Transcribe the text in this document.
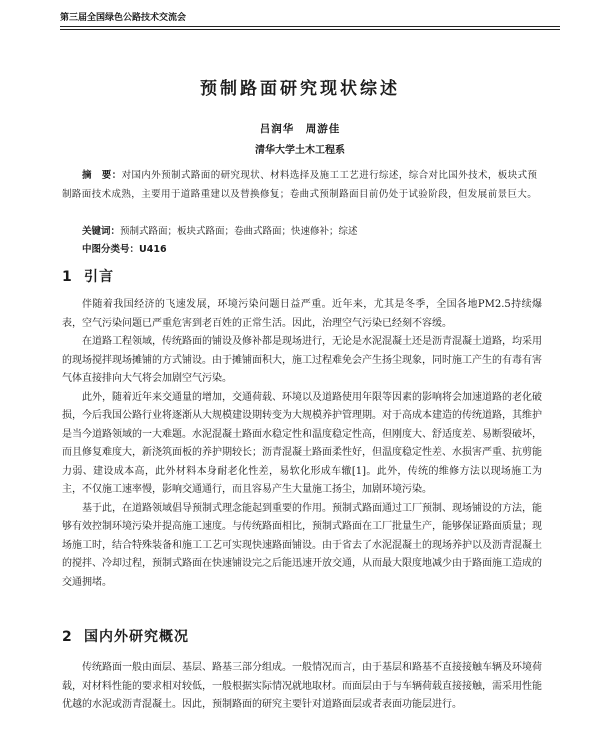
第三届全国绿色公路技术交流会
预制路面研究现状综述
吕润华　周游佳
清华大学土木工程系
摘　要：对国内外预制式路面的研究现状、材料选择及施工工艺进行综述，综合对比国外技术，板块式预制路面技术成熟，主要用于道路重建以及替换修复；卷曲式预制路面目前仍处于试验阶段，但发展前景巨大。
关键词：预制式路面；板块式路面；卷曲式路面；快速修补；综述
中图分类号：U416
1 引言

伴随着我国经济的飞速发展，环境污染问题日益严重。近年来，尤其是冬季，全国各地PM2.5持续爆表，空气污染问题已严重危害到老百姓的正常生活。因此，治理空气污染已经刻不容缓。

在道路工程领域，传统路面的铺设及修补都是现场进行，无论是水泥混凝土还是沥青混凝土道路，均采用的现场搅拌现场摊铺的方式铺设。由于摊铺面积大，施工过程难免会产生扬尘现象，同时施工产生的有毒有害气体直接排向大气将会加剧空气污染。

此外，随着近年来交通量的增加，交通荷载、环境以及道路使用年限等因素的影响将会加速道路的老化破损，今后我国公路行业将逐渐从大规模建设期转变为大规模养护管理期。对于高成本建造的传统道路，其维护是当今道路领域的一大难题。水泥混凝土路面水稳定性和温度稳定性高，但刚度大、舒适度差、易断裂破坏，而且修复难度大，新浇筑面板的养护期较长；沥青混凝土路面柔性好，但温度稳定性差、水损害严重、抗剪能力弱、建设成本高，此外材料本身耐老化性差，易软化形成车辙[1]。此外，传统的维修方法以现场施工为主，不仅施工速率慢，影响交通通行，而且容易产生大量施工扬尘，加剧环境污染。

基于此，在道路领域倡导预制式理念能起到重要的作用。预制式路面通过工厂预制、现场铺设的方法，能够有效控制环境污染并提高施工速度。与传统路面相比，预制式路面在工厂批量生产，能够保证路面质量；现场施工时，结合特殊装备和施工工艺可实现快速路面铺设。由于省去了水泥混凝土的现场养护以及沥青混凝土的搅拌、冷却过程，预制式路面在快速铺设完之后能迅速开放交通，从而最大限度地减少由于路面施工造成的交通拥堵。

2 国内外研究概况

传统路面一般由面层、基层、路基三部分组成。一般情况而言，由于基层和路基不直接接触车辆及环境荷载，对材料性能的要求相对较低，一般根据实际情况就地取材。而面层由于与车辆荷载直接接触，需采用性能优越的水泥或沥青混凝土。因此，预制路面的研究主要针对道路面层或者表面功能层进行。
